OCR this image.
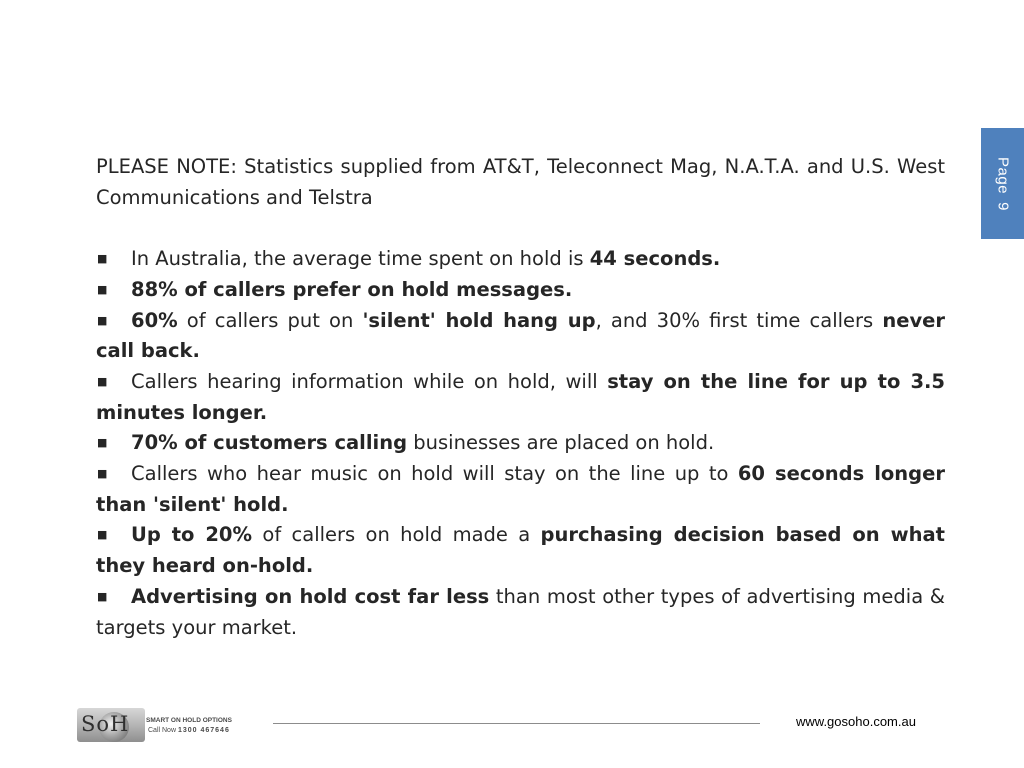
Page9

PLEASE NOTE: Statistics supplied from AT&T, Teleconnect Mag, N.A.T.A. and U.S. West Communications and Telstra

■ In Australia, the average time spent on hold is 44 seconds.
■ 88% of callers prefer on hold messages.
■ 60% of callers put on 'silent' hold hang up, and 30% first time callers never call back.
■ Callers hearing information while on hold, will stay on the line for up to 3.5 minutes longer.
■ 70% of customers calling businesses are placed on hold.
■ Callers who hear music on hold will stay on the line up to 60 seconds longer than 'silent' hold.
■ Up to 20% of callers on hold made a purchasing decision based on what they heard on-hold.
■ Advertising on hold cost far less than most other types of advertising media & targets your market.
SoH	SMART ON HOLD OPTIONS
Call Now 1300 467646
www.gosoho.com.au
